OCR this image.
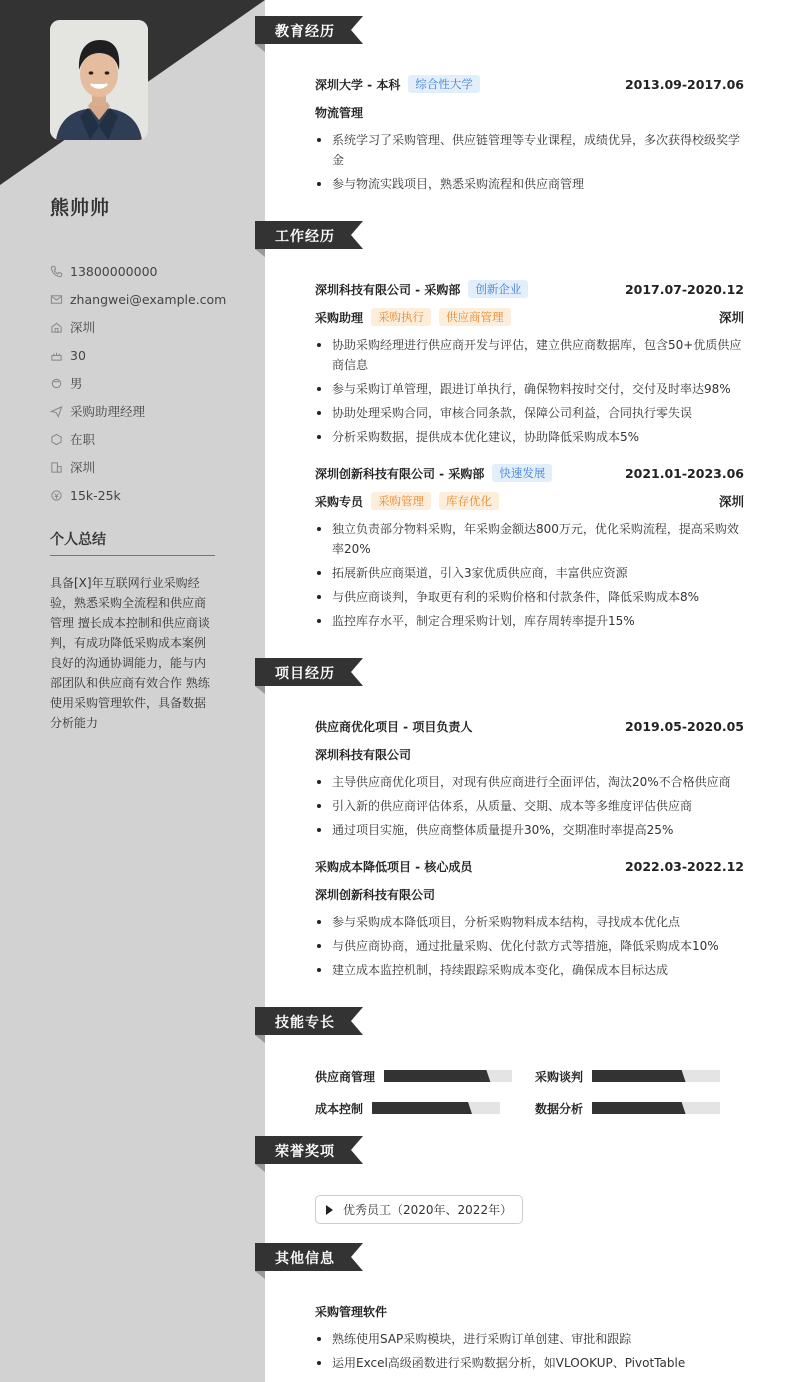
熊帅帅
13800000000
zhangwei@example.com
深圳
30
男
采购助理经理
在职
深圳
15k-25k
个人总结
具备[X]年互联网行业采购经验，熟悉采购全流程和供应商管理 擅长成本控制和供应商谈判，有成功降低采购成本案例 良好的沟通协调能力，能与内部团队和供应商有效合作 熟练使用采购管理软件，具备数据分析能力
教育经历
深圳大学 - 本科	综合性大学	2013.09-2017.06
物流管理
系统学习了采购管理、供应链管理等专业课程，成绩优异，多次获得校级奖学金
参与物流实践项目，熟悉采购流程和供应商管理
工作经历
深圳科技有限公司 - 采购部	创新企业	2017.07-2020.12
采购助理	采购执行	供应商管理	深圳
协助采购经理进行供应商开发与评估，建立供应商数据库，包含50+优质供应商信息
参与采购订单管理，跟进订单执行，确保物料按时交付，交付及时率达98%
协助处理采购合同，审核合同条款，保障公司利益，合同执行零失误
分析采购数据，提供成本优化建议，协助降低采购成本5%
深圳创新科技有限公司 - 采购部	快速发展	2021.01-2023.06
采购专员	采购管理	库存优化	深圳
独立负责部分物料采购，年采购金额达800万元，优化采购流程，提高采购效率20%
拓展新供应商渠道，引入3家优质供应商，丰富供应资源
与供应商谈判，争取更有利的采购价格和付款条件，降低采购成本8%
监控库存水平，制定合理采购计划，库存周转率提升15%
项目经历
供应商优化项目 - 项目负责人	2019.05-2020.05
深圳科技有限公司
主导供应商优化项目，对现有供应商进行全面评估，淘汰20%不合格供应商
引入新的供应商评估体系，从质量、交期、成本等多维度评估供应商
通过项目实施，供应商整体质量提升30%，交期准时率提高25%
采购成本降低项目 - 核心成员	2022.03-2022.12
深圳创新科技有限公司
参与采购成本降低项目，分析采购物料成本结构，寻找成本优化点
与供应商协商，通过批量采购、优化付款方式等措施，降低采购成本10%
建立成本监控机制，持续跟踪采购成本变化，确保成本目标达成
技能专长
供应商管理	采购谈判
成本控制	数据分析
荣誉奖项
优秀员工（2020年、2022年）
其他信息
采购管理软件
熟练使用SAP采购模块，进行采购订单创建、审批和跟踪
运用Excel高级函数进行采购数据分析，如VLOOKUP、PivotTable
